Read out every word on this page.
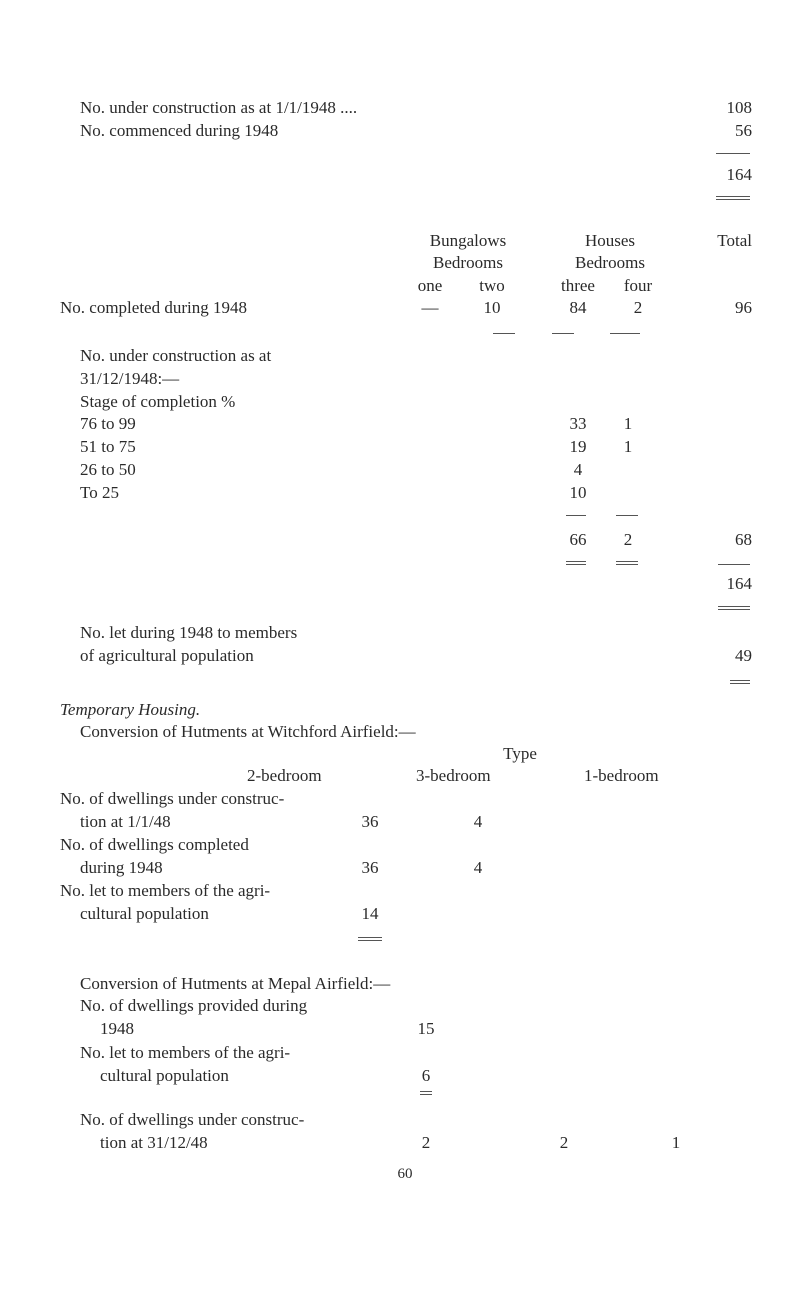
No. under construction as at 1/1/1948 ....	108
No. commenced during 1948	56
164
Bungalows
Bedrooms
one	two
Houses
Bedrooms
three	four
Total
No. completed during 1948	—	10	84	2	96
No. under construction as at
31/12/1948:—
Stage of completion %
76 to 99	33	1
51 to 75	19	1
26 to 50	4
To 25	10
66	2	68
164
No. let during 1948 to members
of agricultural population	49
Temporary Housing.
Conversion of Hutments at Witchford Airfield:—
Type
2-bedroom	3-bedroom	1-bedroom
No. of dwellings under construc-
tion at 1/1/48	36	4
No. of dwellings completed
during 1948	36	4
No. let to members of the agri-
cultural population	14
Conversion of Hutments at Mepal Airfield:—
No. of dwellings provided during
1948	15
No. let to members of the agri-
cultural population	6
No. of dwellings under construc-
tion at 31/12/48	2	2	1
60
